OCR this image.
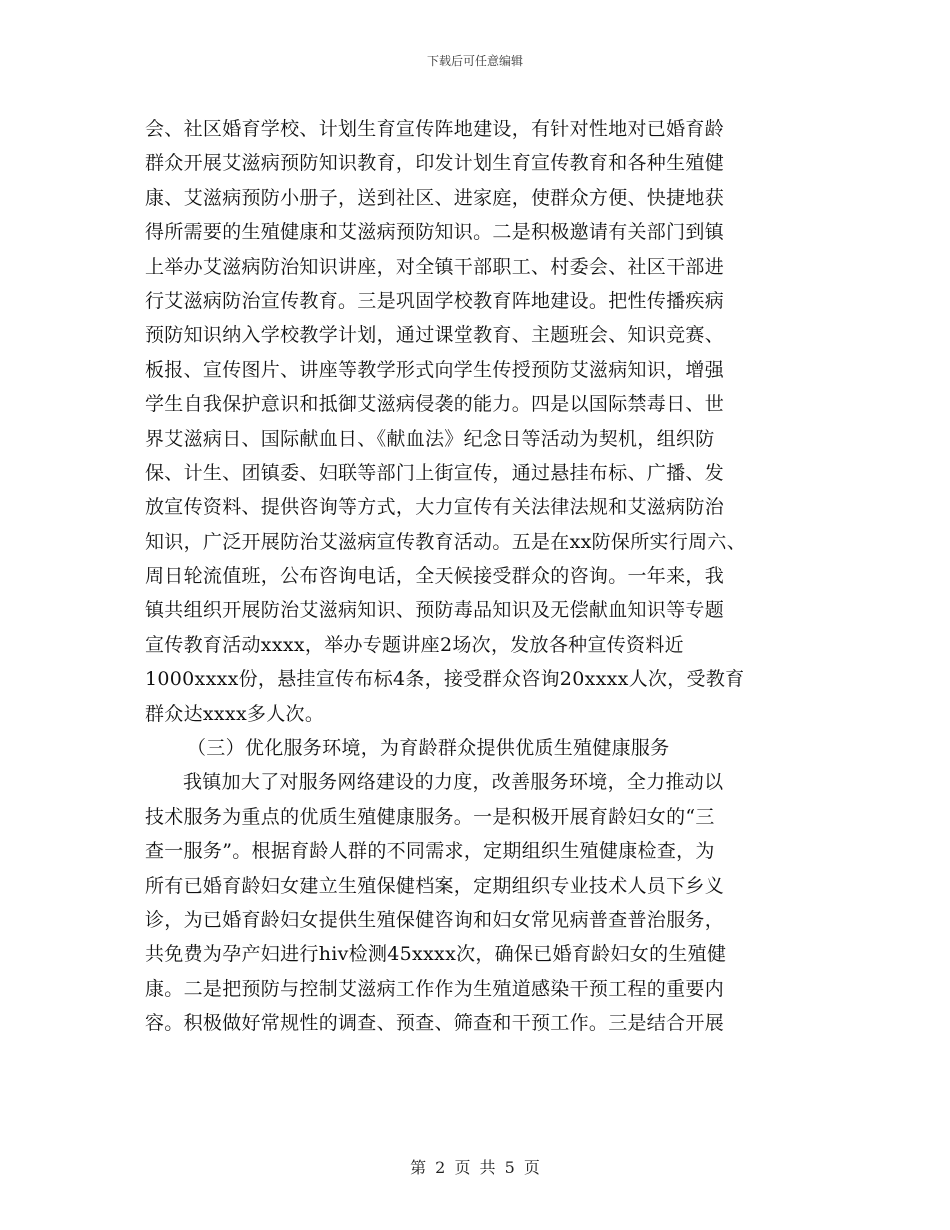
下载后可任意编辑
会、社区婚育学校、计划生育宣传阵地建设，有针对性地对已婚育龄
群众开展艾滋病预防知识教育，印发计划生育宣传教育和各种生殖健
康、艾滋病预防小册子，送到社区、进家庭，使群众方便、快捷地获
得所需要的生殖健康和艾滋病预防知识。二是积极邀请有关部门到镇
上举办艾滋病防治知识讲座，对全镇干部职工、村委会、社区干部进
行艾滋病防治宣传教育。三是巩固学校教育阵地建设。把性传播疾病
预防知识纳入学校教学计划，通过课堂教育、主题班会、知识竞赛、
板报、宣传图片、讲座等教学形式向学生传授预防艾滋病知识，增强
学生自我保护意识和抵御艾滋病侵袭的能力。四是以国际禁毒日、世
界艾滋病日、国际献血日、《献血法》纪念日等活动为契机，组织防
保、计生、团镇委、妇联等部门上街宣传，通过悬挂布标、广播、发
放宣传资料、提供咨询等方式，大力宣传有关法律法规和艾滋病防治
知识，广泛开展防治艾滋病宣传教育活动。五是在xx防保所实行周六、
周日轮流值班，公布咨询电话，全天候接受群众的咨询。一年来，我
镇共组织开展防治艾滋病知识、预防毒品知识及无偿献血知识等专题
宣传教育活动xxxx，举办专题讲座2场次，发放各种宣传资料近
1000xxxx份，悬挂宣传布标4条，接受群众咨询20xxxx人次，受教育
群众达xxxx多人次。
（三）优化服务环境，为育龄群众提供优质生殖健康服务
我镇加大了对服务网络建设的力度，改善服务环境，全力推动以
技术服务为重点的优质生殖健康服务。一是积极开展育龄妇女的“三
查一服务”。根据育龄人群的不同需求，定期组织生殖健康检查，为
所有已婚育龄妇女建立生殖保健档案，定期组织专业技术人员下乡义
诊，为已婚育龄妇女提供生殖保健咨询和妇女常见病普查普治服务，
共免费为孕产妇进行hiv检测45xxxx次，确保已婚育龄妇女的生殖健
康。二是把预防与控制艾滋病工作作为生殖道感染干预工程的重要内
容。积极做好常规性的调查、预查、筛查和干预工作。三是结合开展
第 2 页 共 5 页
